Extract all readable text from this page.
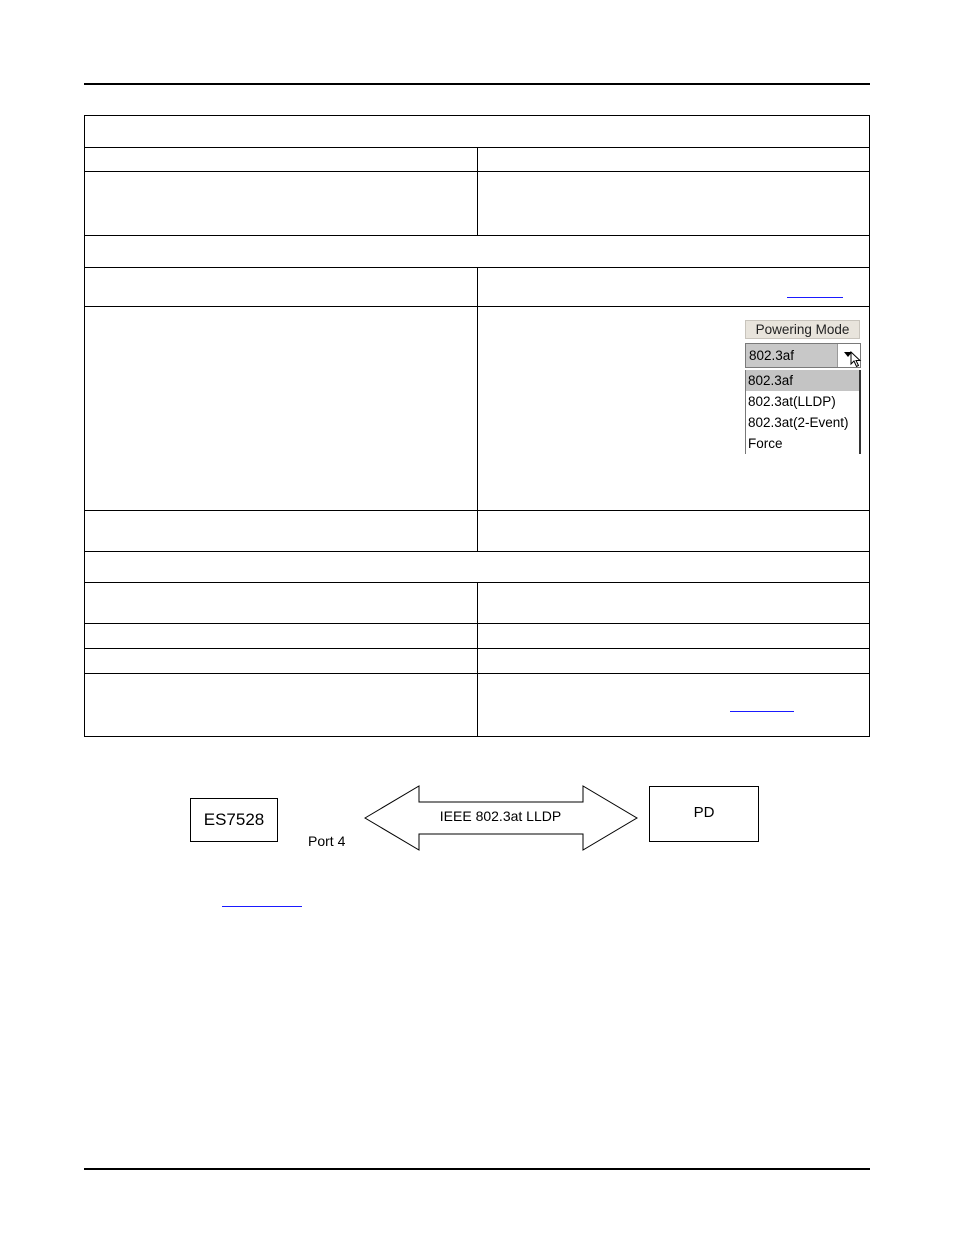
Powering Mode
802.3af
802.3af
802.3at(LLDP)
802.3at(2-Event)
Force
ES7528
Port 4
IEEE 802.3at LLDP	PD
